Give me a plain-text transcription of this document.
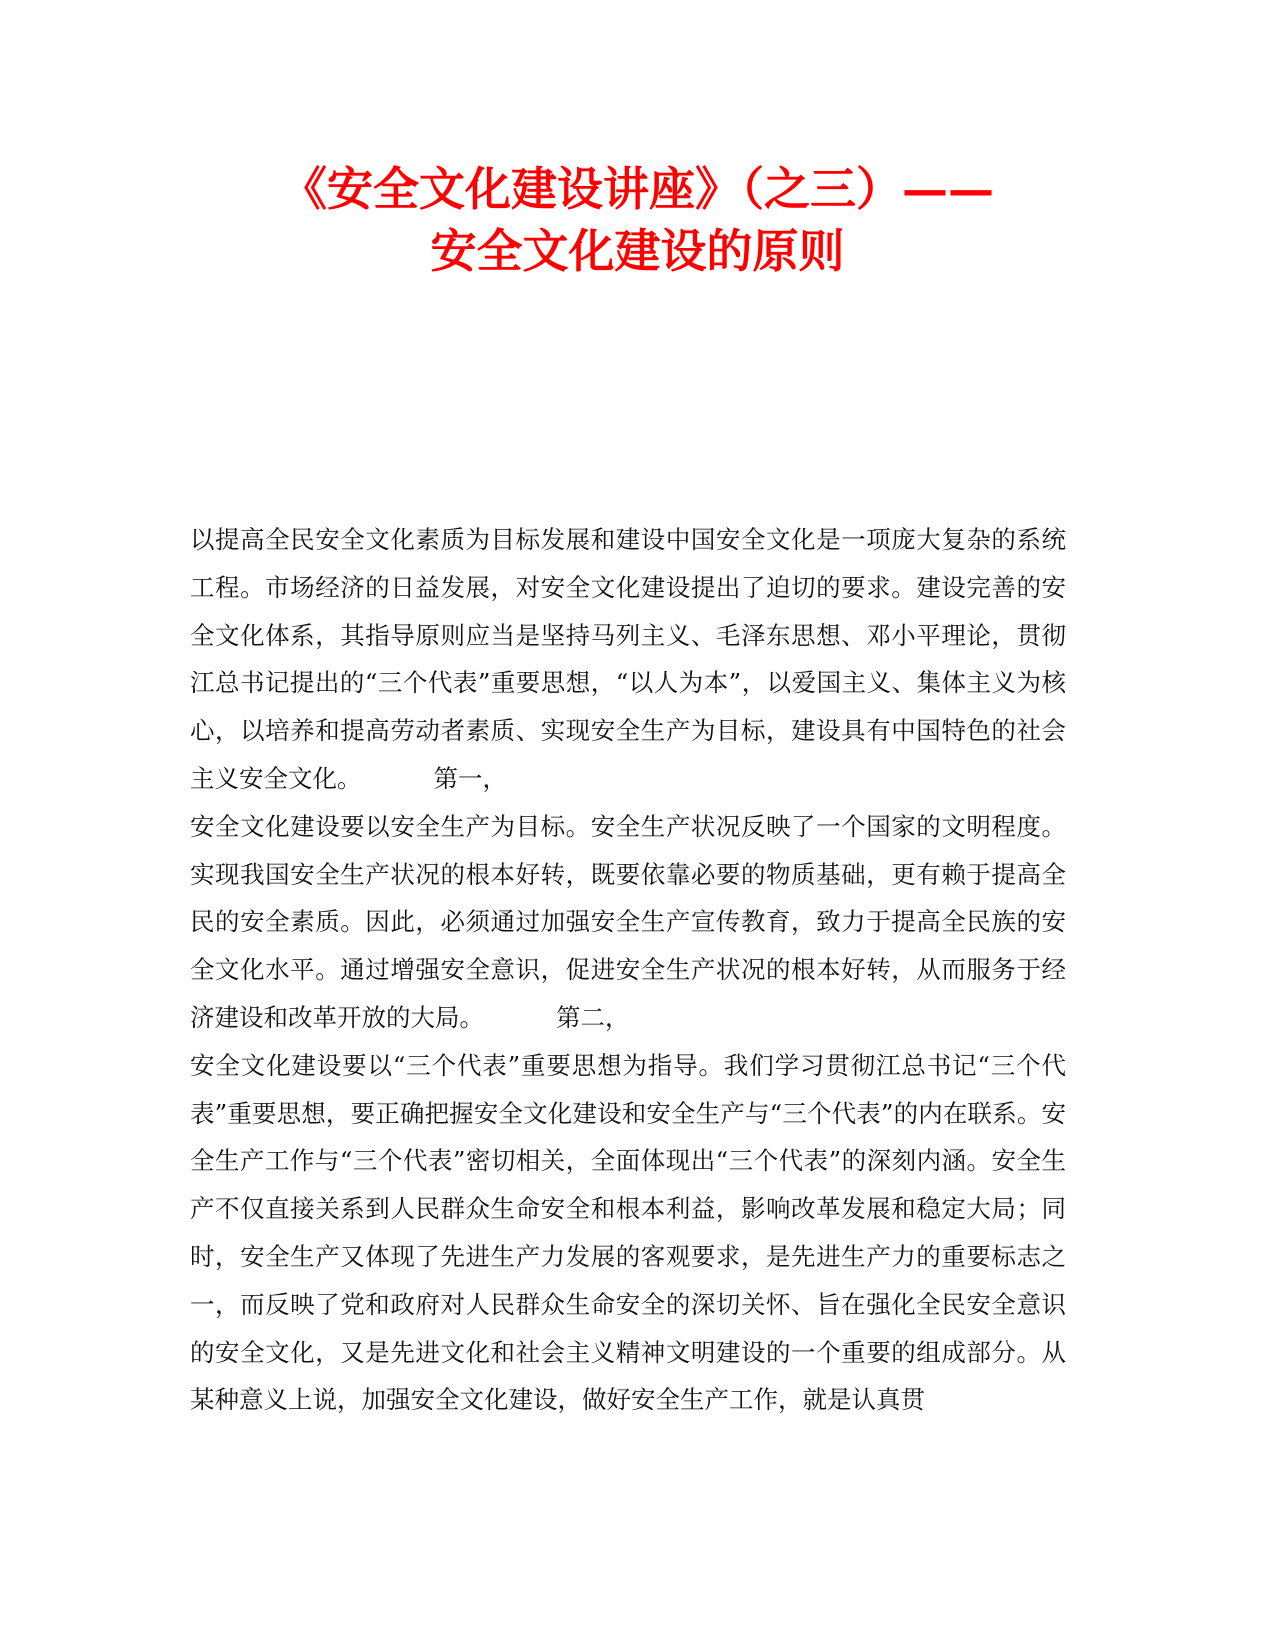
《安全文化建设讲座》（之三）——
安全文化建设的原则

以提高全民安全文化素质为目标发展和建设中国安全文化是一项庞大复杂的系统工程。市场经济的日益发展，对安全文化建设提出了迫切的要求。建设完善的安全文化体系，其指导原则应当是坚持马列主义、毛泽东思想、邓小平理论，贯彻江总书记提出的“三个代表”重要思想，“以人为本”，以爱国主义、集体主义为核心，以培养和提高劳动者素质、实现安全生产为目标，建设具有中国特色的社会主义安全文化。	第一，

安全文化建设要以安全生产为目标。安全生产状况反映了一个国家的文明程度。实现我国安全生产状况的根本好转，既要依靠必要的物质基础，更有赖于提高全民的安全素质。因此，必须通过加强安全生产宣传教育，致力于提高全民族的安全文化水平。通过增强安全意识，促进安全生产状况的根本好转，从而服务于经济建设和改革开放的大局。	第二，

安全文化建设要以“三个代表”重要思想为指导。我们学习贯彻江总书记“三个代表”重要思想，要正确把握安全文化建设和安全生产与“三个代表”的内在联系。安全生产工作与“三个代表”密切相关，全面体现出“三个代表”的深刻内涵。安全生产不仅直接关系到人民群众生命安全和根本利益，影响改革发展和稳定大局；同时，安全生产又体现了先进生产力发展的客观要求，是先进生产力的重要标志之一，而反映了党和政府对人民群众生命安全的深切关怀、旨在强化全民安全意识的安全文化，又是先进文化和社会主义精神文明建设的一个重要的组成部分。从某种意义上说，加强安全文化建设，做好安全生产工作，就是认真贯
